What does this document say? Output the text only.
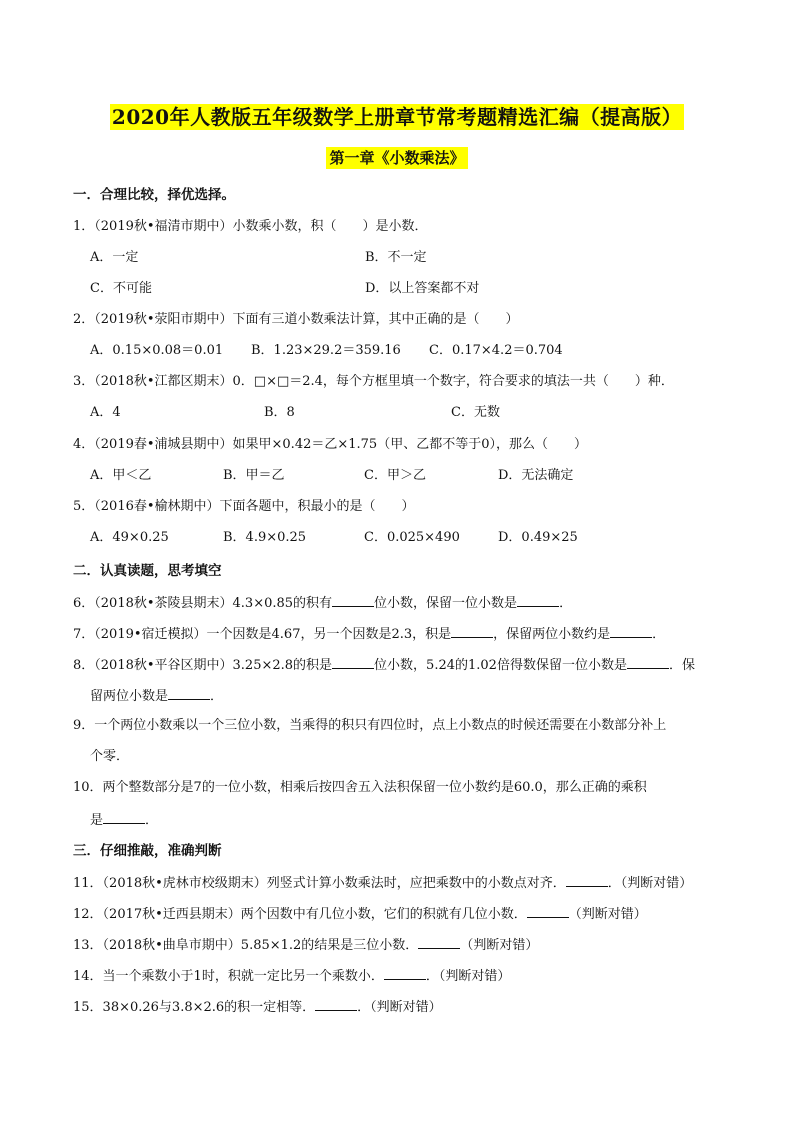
2020年人教版五年级数学上册章节常考题精选汇编（提高版）
第一章《小数乘法》
一．合理比较，择优选择。
1．（2019秋•福清市期中）小数乘小数，积（　　）是小数．
A．一定	B．不一定
C．不可能	D．以上答案都不对
2．（2019秋•荥阳市期中）下面有三道小数乘法计算，其中正确的是（　　）
A．0.15×0.08＝0.01 B．1.23×29.2＝359.16 C．0.17×4.2＝0.704
3．（2018秋•江都区期末）0．□×□＝2.4，每个方框里填一个数字，符合要求的填法一共（　　）种．
A．4	B．8	C．无数
4．（2019春•浦城县期中）如果甲×0.42＝乙×1.75（甲、乙都不等于0），那么（　　）
A．甲＜乙	B．甲＝乙	C．甲＞乙	D．无法确定
5．（2016春•榆林期中）下面各题中，积最小的是（　　）
A．49×0.25	B．4.9×0.25	C．0.025×490	D．0.49×25
二．认真读题，思考填空
6．（2018秋•茶陵县期末）4.3×0.85的积有	位小数，保留一位小数是	．
7．（2019•宿迁模拟）一个因数是4.67，另一个因数是2.3，积是	，保留两位小数约是	．
8．（2018秋•平谷区期中）3.25×2.8的积是	位小数，5.24的1.02倍得数保留一位小数是	．保
留两位小数是	．
9．一个两位小数乘以一个三位小数，当乘得的积只有四位时，点上小数点的时候还需要在小数部分补上
个零．
10．两个整数部分是7的一位小数，相乘后按四舍五入法积保留一位小数约是60.0，那么正确的乘积
是	．
三．仔细推敲，准确判断
11．（2018秋•虎林市校级期末）列竖式计算小数乘法时，应把乘数中的小数点对齐．	．（判断对错）
12．（2017秋•迁西县期末）两个因数中有几位小数，它们的积就有几位小数．	（判断对错）
13．（2018秋•曲阜市期中）5.85×1.2的结果是三位小数．	（判断对错）
14．当一个乘数小于1时，积就一定比另一个乘数小．	．（判断对错）
15．38×0.26与3.8×2.6的积一定相等．	．（判断对错）
